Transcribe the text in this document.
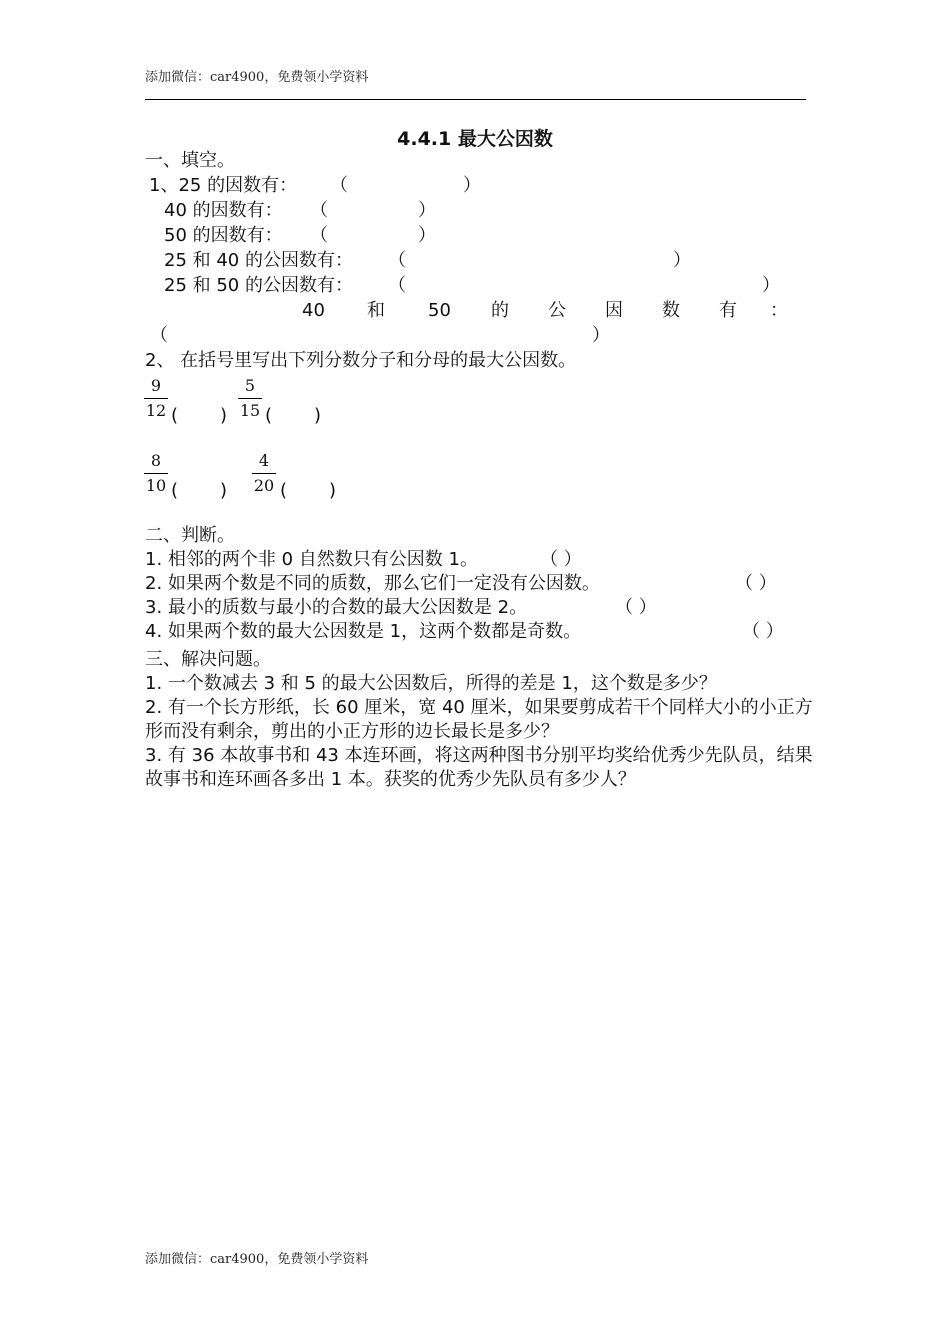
添加微信：car4900，免费领小学资料
4.4.1 最大公因数
一、填空。
1、25 的因数有： （	）
40 的因数有： （	）
50 的因数有： （	）
25 和 40 的公因数有： （	）
25 和 50 的公因数有： （	）
40 和 50 的 公 因 数 有 ：
（	）
2、 在括号里写出下列分数分子和分母的最大公因数。
9
12 ( )
5
15 ( )
8
10 ( )
4
20 ( )
二、判断。
1. 相邻的两个非 0 自然数只有公因数 1。	（ ）
2. 如果两个数是不同的质数，那么它们一定没有公因数。	（ ）
3. 最小的质数与最小的合数的最大公因数是 2。	（ ）
4. 如果两个数的最大公因数是 1，这两个数都是奇数。	（ ）
三、解决问题。
1. 一个数减去 3 和 5 的最大公因数后，所得的差是 1，这个数是多少？
2. 有一个长方形纸，长 60 厘米，宽 40 厘米，如果要剪成若干个同样大小的小正方形而没有剩余，剪出的小正方形的边长最长是多少？
3. 有 36 本故事书和 43 本连环画，将这两种图书分别平均奖给优秀少先队员，结果故事书和连环画各多出 1 本。获奖的优秀少先队员有多少人？
添加微信：car4900，免费领小学资料
